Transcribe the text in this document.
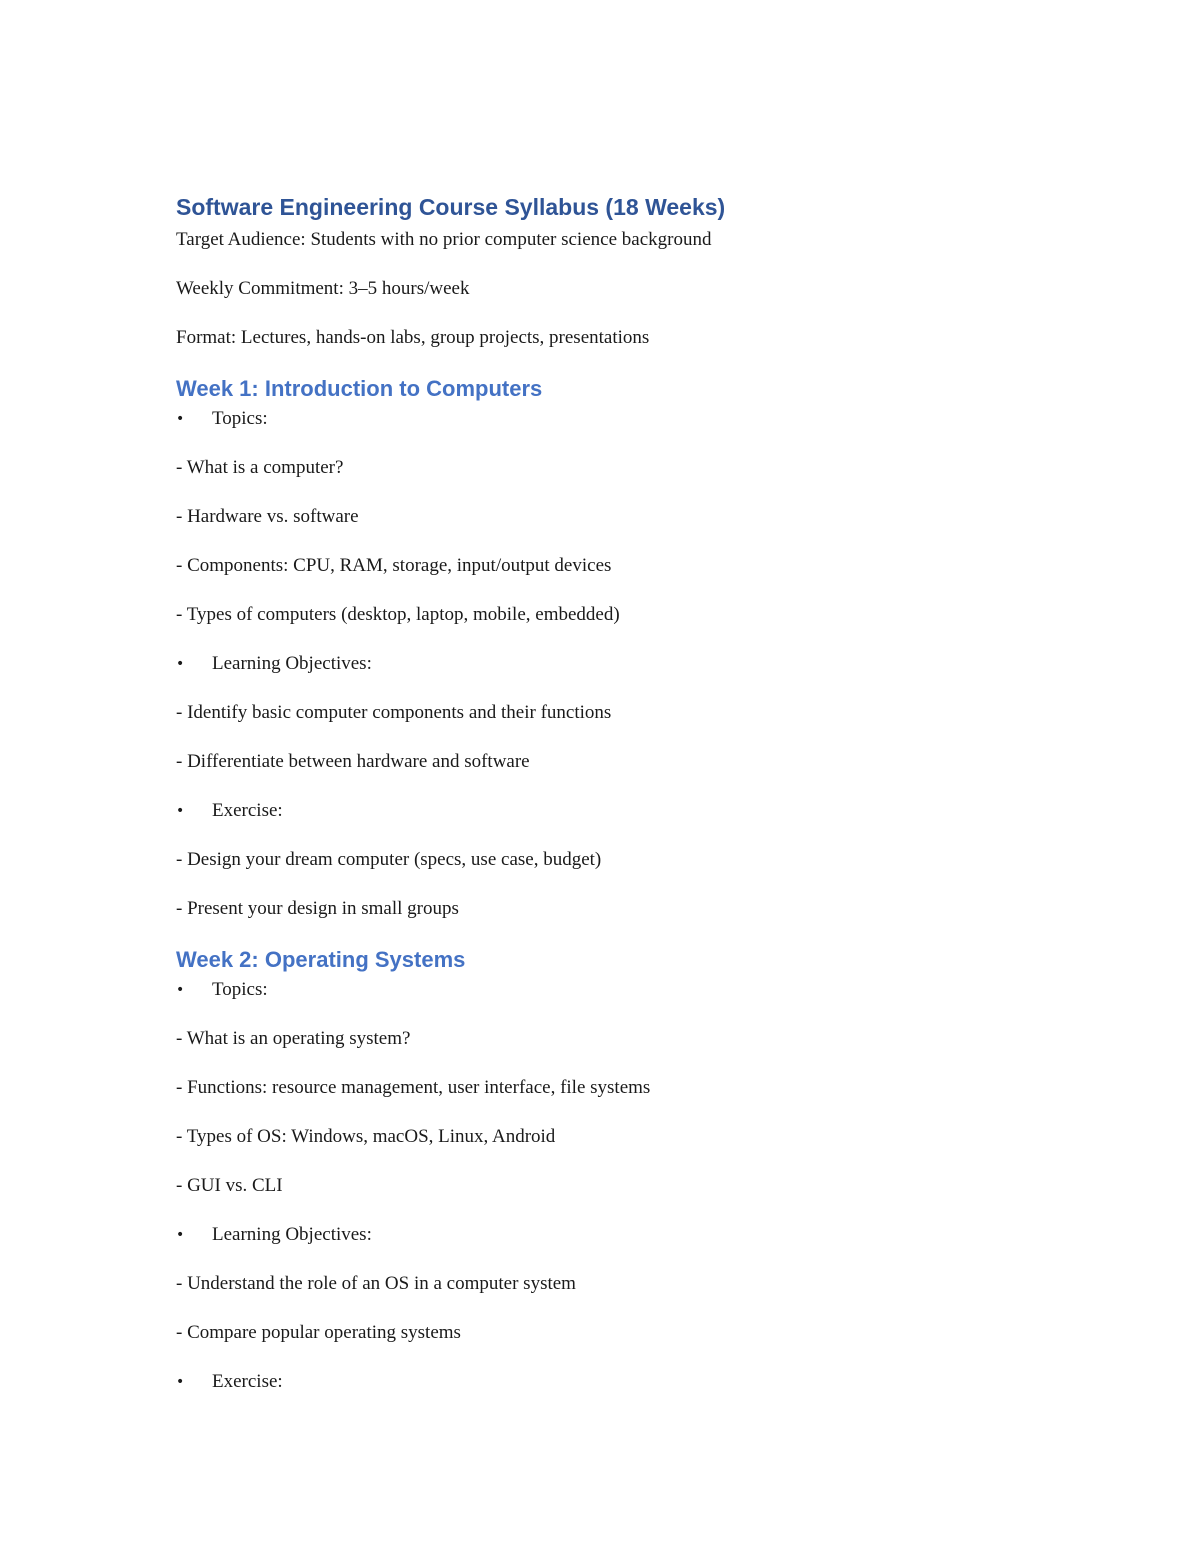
Software Engineering Course Syllabus (18 Weeks)

Target Audience: Students with no prior computer science background

Weekly Commitment: 3–5 hours/week

Format: Lectures, hands-on labs, group projects, presentations

Week 1: Introduction to Computers

•	Topics:

- What is a computer?

- Hardware vs. software

- Components: CPU, RAM, storage, input/output devices

- Types of computers (desktop, laptop, mobile, embedded)

•	Learning Objectives:

- Identify basic computer components and their functions

- Differentiate between hardware and software

•	Exercise:

- Design your dream computer (specs, use case, budget)

- Present your design in small groups

Week 2: Operating Systems

•	Topics:

- What is an operating system?

- Functions: resource management, user interface, file systems

- Types of OS: Windows, macOS, Linux, Android

- GUI vs. CLI

•	Learning Objectives:

- Understand the role of an OS in a computer system

- Compare popular operating systems

•	Exercise:
